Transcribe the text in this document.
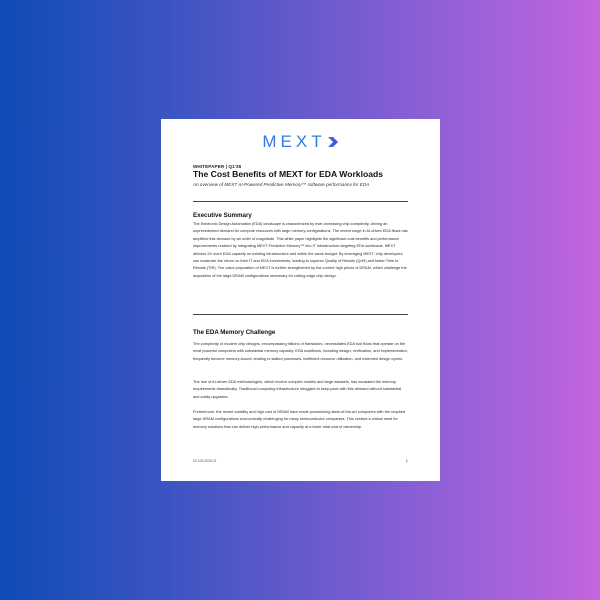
MEXT
WHITEPAPER | Q1'26
The Cost Benefits of MEXT for EDA Workloads
An overview of MEXT AI-Powered Predictive Memory™ software performance for EDA
Executive Summary
The Electronic Design Automation (EDA) landscape is characterized by ever-increasing chip complexity, driving an unprecedented demand for compute resources with large memory configurations. The recent surge in AI-driven EDA flows has amplified this demand by an order of magnitude. This white paper highlights the significant cost benefits and performance improvements realized by integrating MEXT Predictive Memory™ into IT infrastructure targeting EDA workloads. MEXT delivers 2X more EDA capacity on existing infrastructure and within the same budget. By leveraging MEXT, chip developers can maximize the return on their IT and EDA investments, leading to superior Quality of Results (QoR) and faster Time to Results (TtR). The value proposition of MEXT is further strengthened by the current high prices of DRAM, which challenge the acquisition of the large DRAM configurations necessary for cutting-edge chip design.
The EDA Memory Challenge
The complexity of modern chip designs, encompassing billions of transistors, necessitates EDA tool flows that operate on the most powerful computers with substantial memory capacity. EDA workflows, including design, verification, and implementation, frequently become memory-bound, leading to stalled processes, inefficient resource utilization, and extended design cycles.
The rise of AI-driven EDA methodologies, which involve complex models and large datasets, has escalated the memory requirements dramatically. Traditional computing infrastructure struggles to keep pace with this demand without substantial and costly upgrades.
Furthermore, the recent volatility and high cost of DRAM have made provisioning state-of-the-art computers with the required large DRAM configurations economically challenging for many semiconductor companies. This creates a critical need for memory solutions that can deliver high performance and capacity at a lower total cost of ownership.
02.106.2026.01	1
